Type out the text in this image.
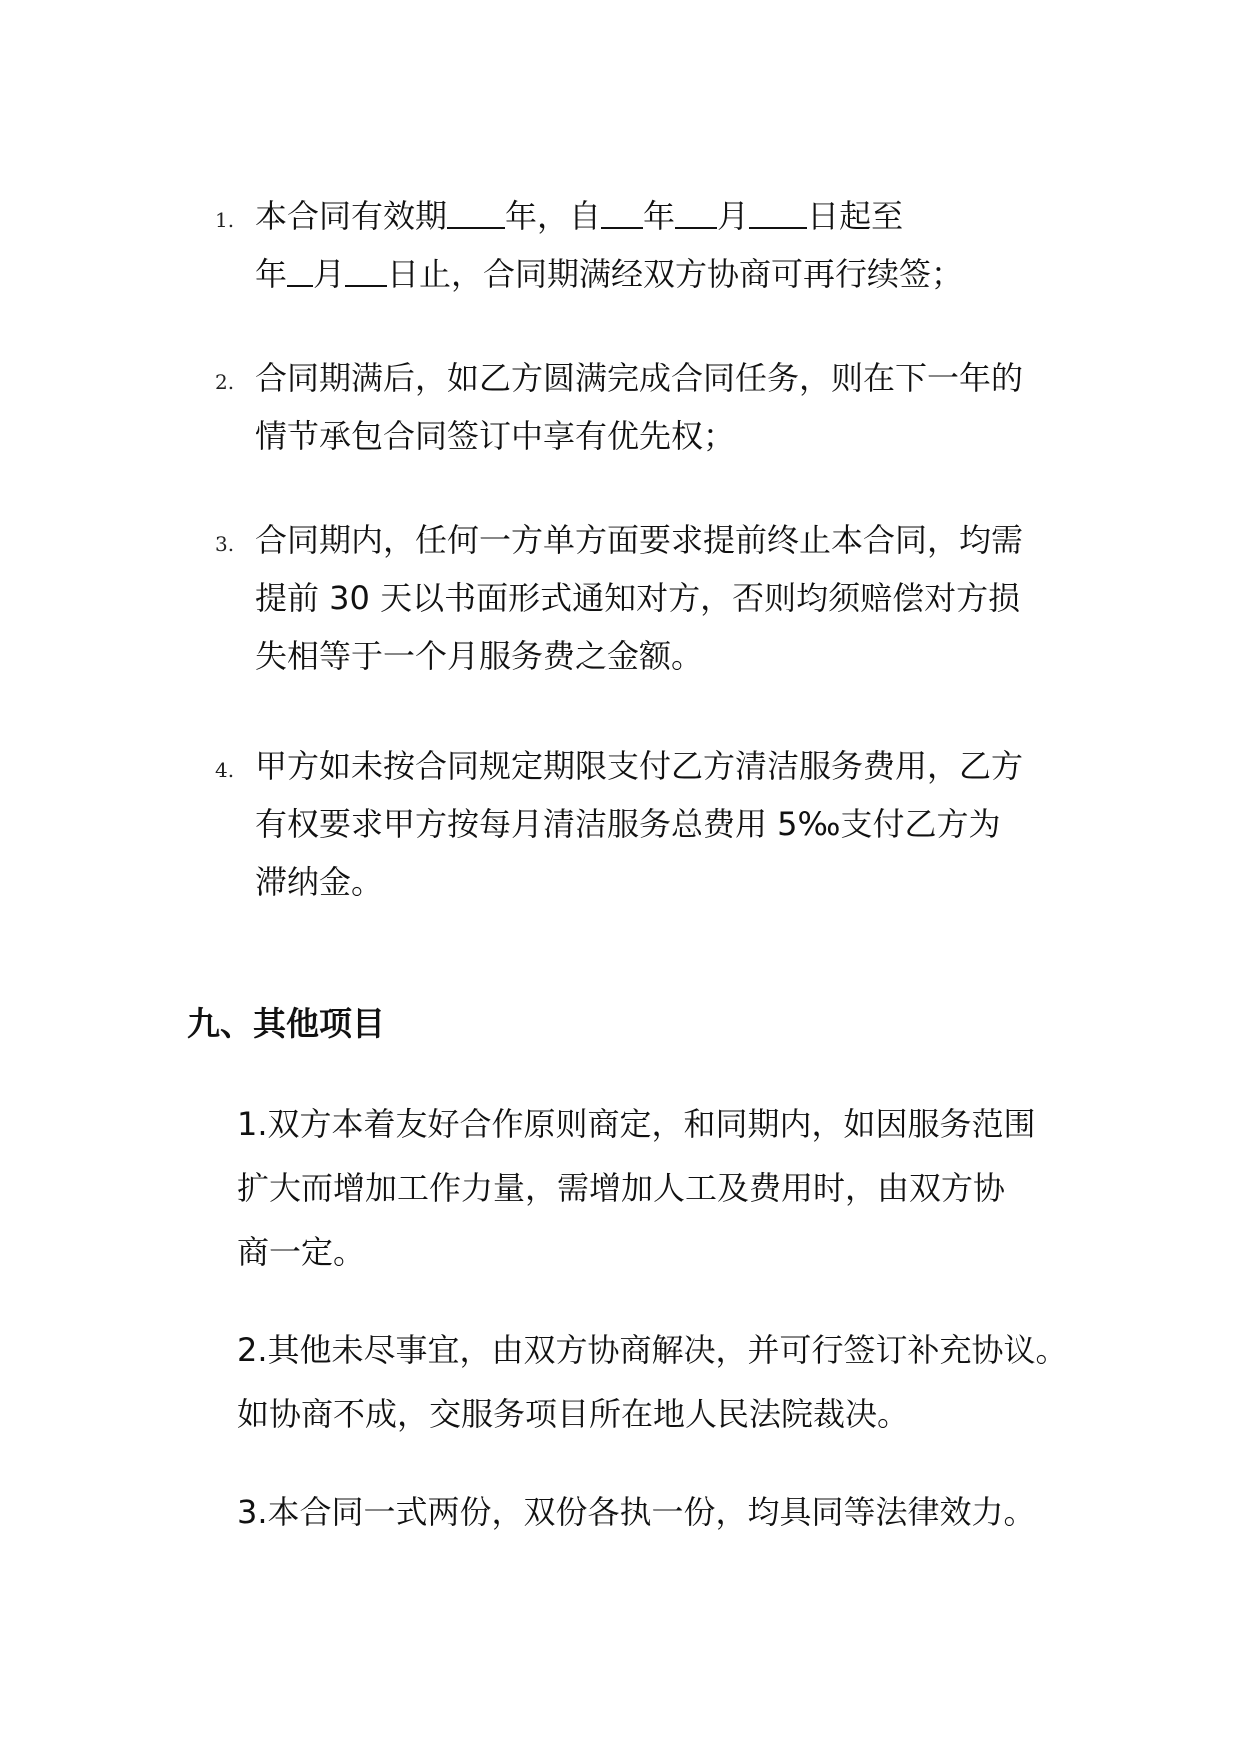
1. 本合同有效期 年，自 年 月 日起至
年 月 日止，合同期满经双方协商可再行续签；
2. 合同期满后，如乙方圆满完成合同任务，则在下一年的
情节承包合同签订中享有优先权；
3. 合同期内，任何一方单方面要求提前终止本合同，均需
提前 30 天以书面形式通知对方，否则均须赔偿对方损
失相等于一个月服务费之金额。
4. 甲方如未按合同规定期限支付乙方清洁服务费用，乙方
有权要求甲方按每月清洁服务总费用 5‰支付乙方为
滞纳金。
九、其他项目
1.双方本着友好合作原则商定，和同期内，如因服务范围
扩大而增加工作力量，需增加人工及费用时，由双方协
商一定。
2.其他未尽事宜，由双方协商解决，并可行签订补充协议。
如协商不成，交服务项目所在地人民法院裁决。
3.本合同一式两份，双份各执一份，均具同等法律效力。
